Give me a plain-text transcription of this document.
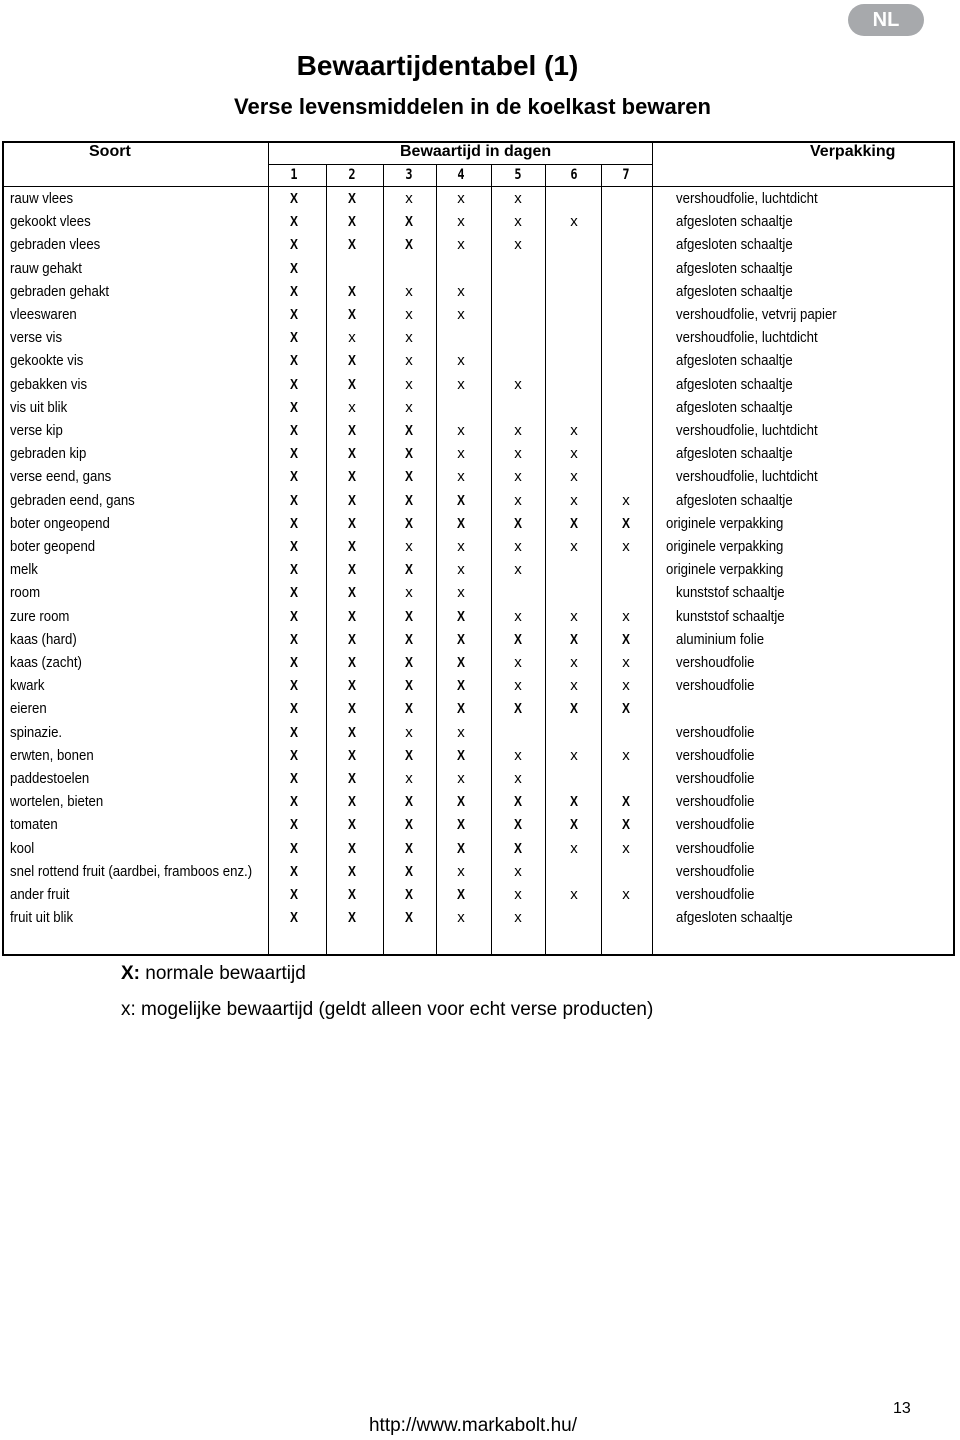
NL
Bewaartijdentabel (1)
Verse levensmiddelen in de koelkast bewaren
Soort	Bewaartijd in dagen	Verpakking
1	2	3	4	5	6	7
rauw vlees	X	X	x	x	x	vershoudfolie, luchtdicht
gekookt vlees	X	X	X	x	x	x	afgesloten schaaltje
gebraden vlees	X	X	X	x	x	afgesloten schaaltje
rauw gehakt	X	afgesloten schaaltje
gebraden gehakt	X	X	x	x	afgesloten schaaltje
vleeswaren	X	X	x	x	vershoudfolie, vetvrij papier
verse vis	X	x	x	vershoudfolie, luchtdicht
gekookte vis	X	X	x	x	afgesloten schaaltje
gebakken vis	X	X	x	x	x	afgesloten schaaltje
vis uit blik	X	x	x	afgesloten schaaltje
verse kip	X	X	X	x	x	x	vershoudfolie, luchtdicht
gebraden kip	X	X	X	x	x	x	afgesloten schaaltje
verse eend, gans	X	X	X	x	x	x	vershoudfolie, luchtdicht
gebraden eend, gans	X	X	X	X	x	x	x	afgesloten schaaltje
boter ongeopend	X	X	X	X	X	X	X originele verpakking
boter geopend	X	X	x	x	x	x	x	originele verpakking
melk	X	X	X	x	x	originele verpakking
room	X	X	x	x	kunststof schaaltje
zure room	X	X	X	X	x	x	x	kunststof schaaltje
kaas (hard)	X	X	X	X	X	X	X	aluminium folie
kaas (zacht)	X	X	X	X	x	x	x	vershoudfolie
kwark	X	X	X	X	x	x	x	vershoudfolie
eieren	X	X	X	X	X	X	X
spinazie.	X	X	x	x	vershoudfolie
erwten, bonen	X	X	X	X	x	x	x	vershoudfolie
paddestoelen	X	X	x	x	x	vershoudfolie
wortelen, bieten	X	X	X	X	X	X	X	vershoudfolie
tomaten	X	X	X	X	X	X	X	vershoudfolie
kool	X	X	X	X	X	x	x	vershoudfolie
snel rottend fruit (aardbei, framboos enz.)	X	X	X	x	x	vershoudfolie
ander fruit	X	X	X	X	x	x	x	vershoudfolie
fruit uit blik	X	X	X	x	x	afgesloten schaaltje
X: normale bewaartijd
x: mogelijke bewaartijd (geldt alleen voor echt verse producten)
13
http://www.markabolt.hu/
